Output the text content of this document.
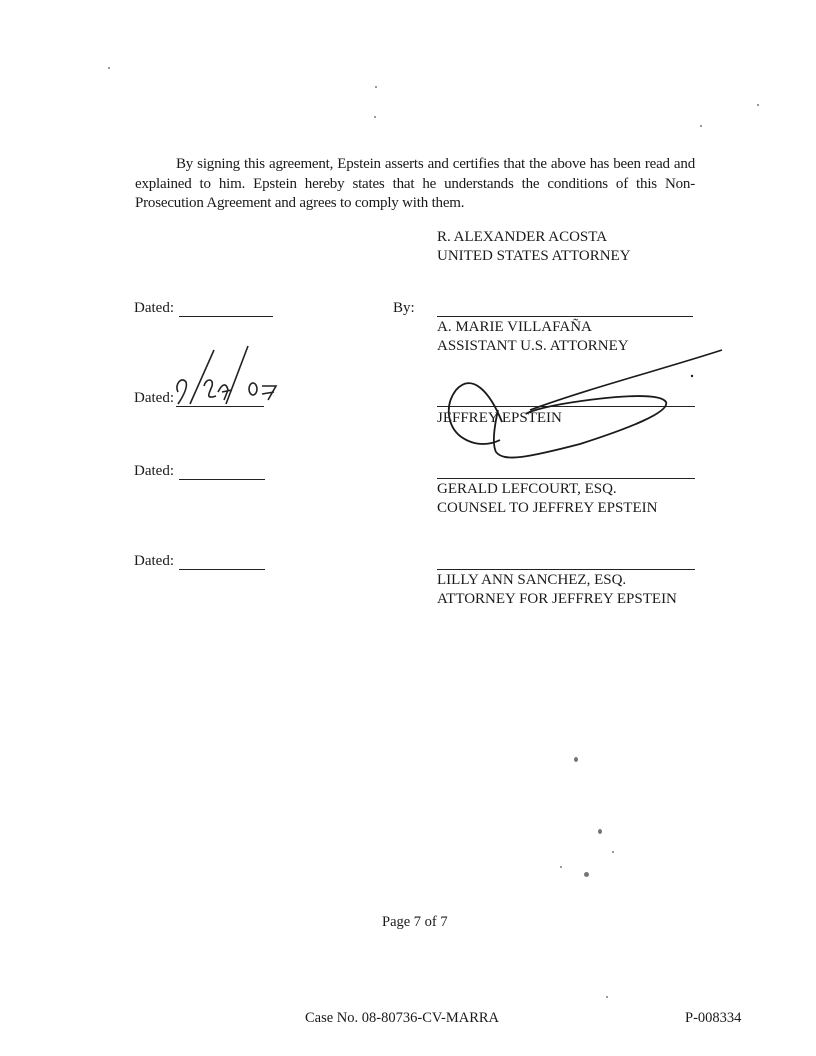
By signing this agreement, Epstein asserts and certifies that the above has been read and explained to him. Epstein hereby states that he understands the conditions of this Non-Prosecution Agreement and agrees to comply with them.
R. ALEXANDER ACOSTA
UNITED STATES ATTORNEY
Dated:	By:
A. MARIE VILLAFAÑA
ASSISTANT U.S. ATTORNEY
Dated:
JEFFREY EPSTEIN
Dated:
GERALD LEFCOURT, ESQ.
COUNSEL TO JEFFREY EPSTEIN
Dated:
LILLY ANN SANCHEZ, ESQ.
ATTORNEY FOR JEFFREY EPSTEIN
Page 7 of 7
Case No. 08-80736-CV-MARRA	P-008334
